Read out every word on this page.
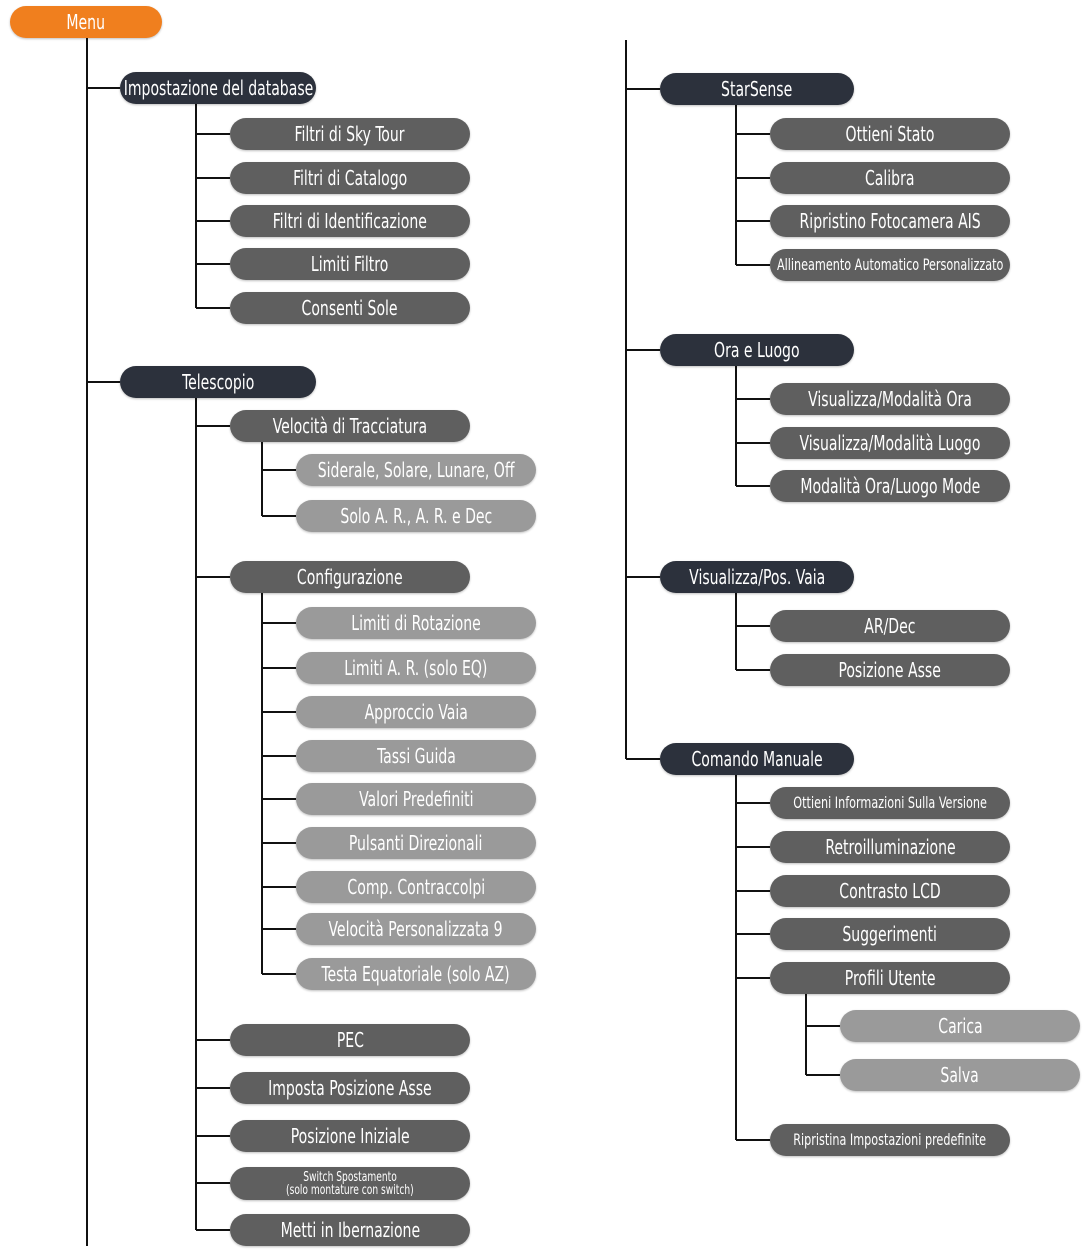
Menu
Impostazione del database
Filtri di Sky Tour
Filtri di Catalogo
Filtri di Identificazione
Limiti Filtro
Consenti Sole
Telescopio
Velocità di Tracciatura
Siderale, Solare, Lunare, Off
Solo A. R., A. R. e Dec
Configurazione
Limiti di Rotazione
Limiti A. R. (solo EQ)
Approccio Vaia
Tassi Guida
Valori Predefiniti
Pulsanti Direzionali
Comp. Contraccolpi
Velocità Personalizzata 9
Testa Equatoriale (solo AZ)
PEC
Imposta Posizione Asse
Posizione Iniziale
Switch Spostamento
(solo montature con switch)
Metti in Ibernazione
StarSense
Ottieni Stato
Calibra
Ripristino Fotocamera AIS
Allineamento Automatico Personalizzato
Ora e Luogo
Visualizza/Modalità Ora
Visualizza/Modalità Luogo
Modalità Ora/Luogo Mode
Visualizza/Pos. Vaia
AR/Dec
Posizione Asse
Comando Manuale
Ottieni Informazioni Sulla Versione
Retroilluminazione
Contrasto LCD
Suggerimenti
Profili Utente
Carica
Salva
Ripristina Impostazioni predefinite
